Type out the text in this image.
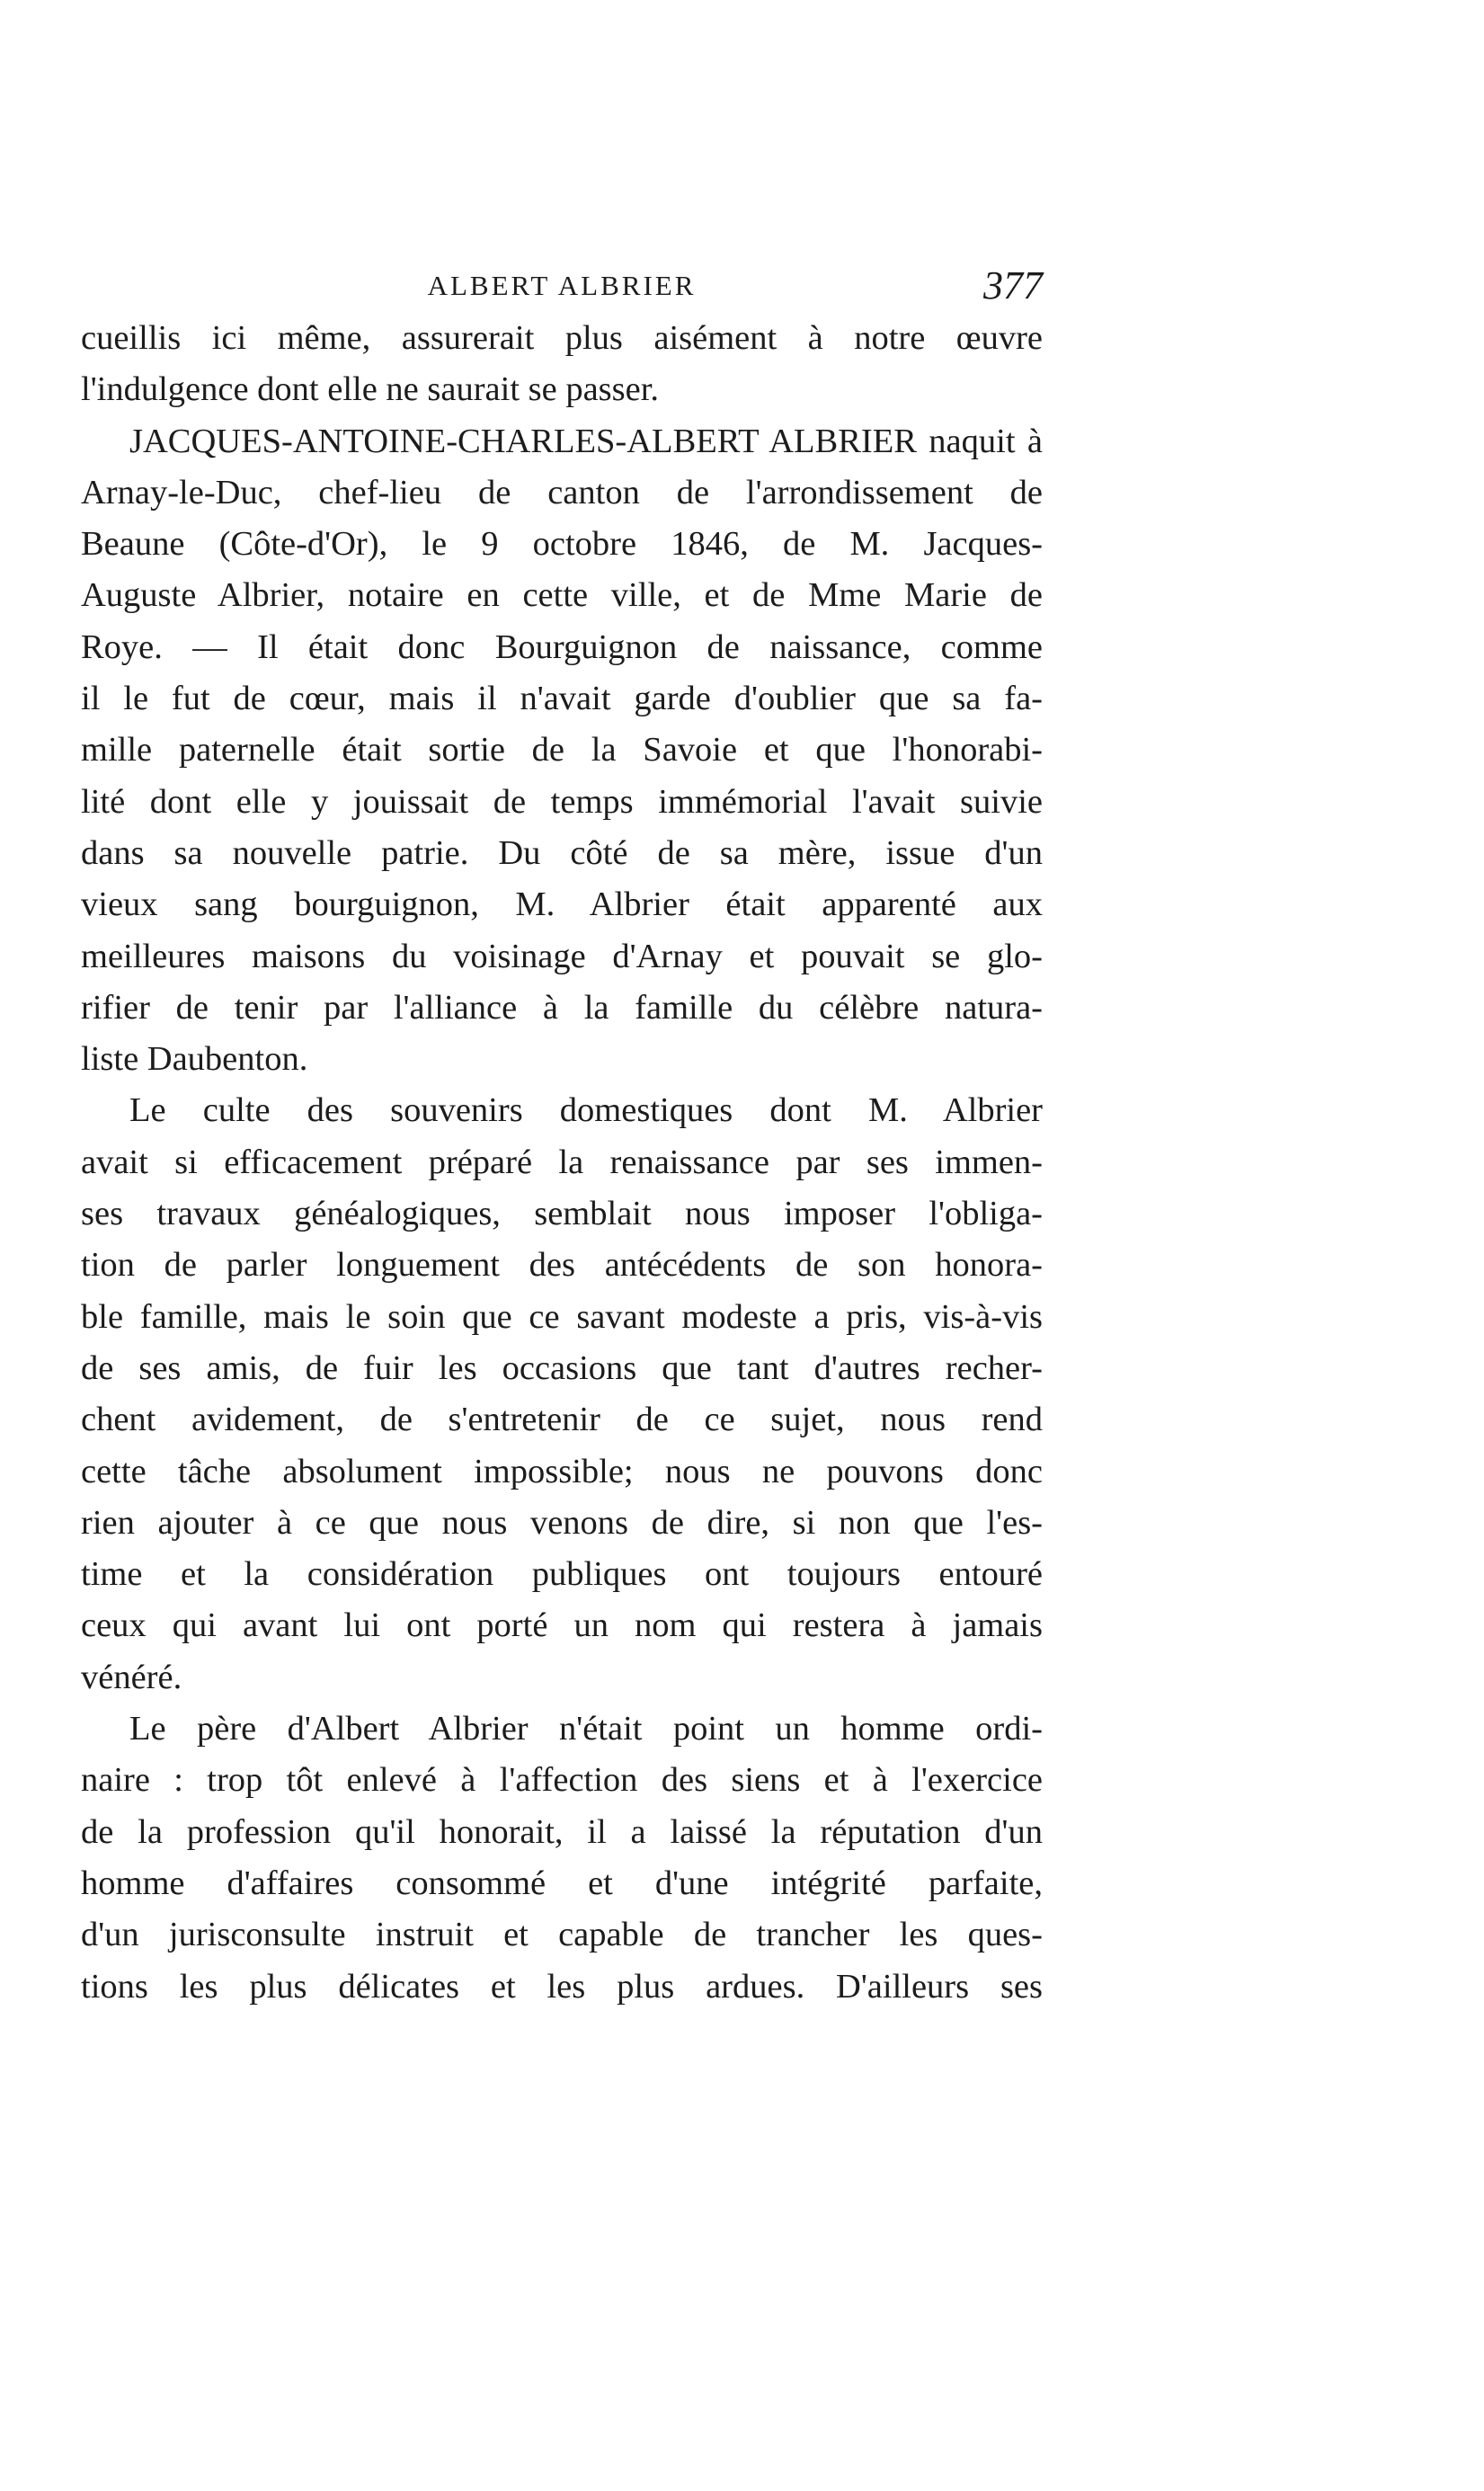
ALBERT ALBRIER	377
cueillis ici même, assurerait plus aisément à notre œuvre
l'indulgence dont elle ne saurait se passer.
JACQUES-ANTOINE-CHARLES-ALBERT ALBRIER naquit à
Arnay-le-Duc, chef-lieu de canton de l'arrondissement de
Beaune (Côte-d'Or), le 9 octobre 1846, de M. Jacques-
Auguste Albrier, notaire en cette ville, et de Mme Marie de
Roye. — Il était donc Bourguignon de naissance, comme
il le fut de cœur, mais il n'avait garde d'oublier que sa fa-
mille paternelle était sortie de la Savoie et que l'honorabi-
lité dont elle y jouissait de temps immémorial l'avait suivie
dans sa nouvelle patrie. Du côté de sa mère, issue d'un
vieux sang bourguignon, M. Albrier était apparenté aux
meilleures maisons du voisinage d'Arnay et pouvait se glo-
rifier de tenir par l'alliance à la famille du célèbre natura-
liste Daubenton.
Le culte des souvenirs domestiques dont M. Albrier
avait si efficacement préparé la renaissance par ses immen-
ses travaux généalogiques, semblait nous imposer l'obliga-
tion de parler longuement des antécédents de son honora-
ble famille, mais le soin que ce savant modeste a pris, vis-à-vis
de ses amis, de fuir les occasions que tant d'autres recher-
chent avidement, de s'entretenir de ce sujet, nous rend
cette tâche absolument impossible; nous ne pouvons donc
rien ajouter à ce que nous venons de dire, si non que l'es-
time et la considération publiques ont toujours entouré
ceux qui avant lui ont porté un nom qui restera à jamais
vénéré.
Le père d'Albert Albrier n'était point un homme ordi-
naire : trop tôt enlevé à l'affection des siens et à l'exercice
de la profession qu'il honorait, il a laissé la réputation d'un
homme d'affaires consommé et d'une intégrité parfaite,
d'un jurisconsulte instruit et capable de trancher les ques-
tions les plus délicates et les plus ardues. D'ailleurs ses
